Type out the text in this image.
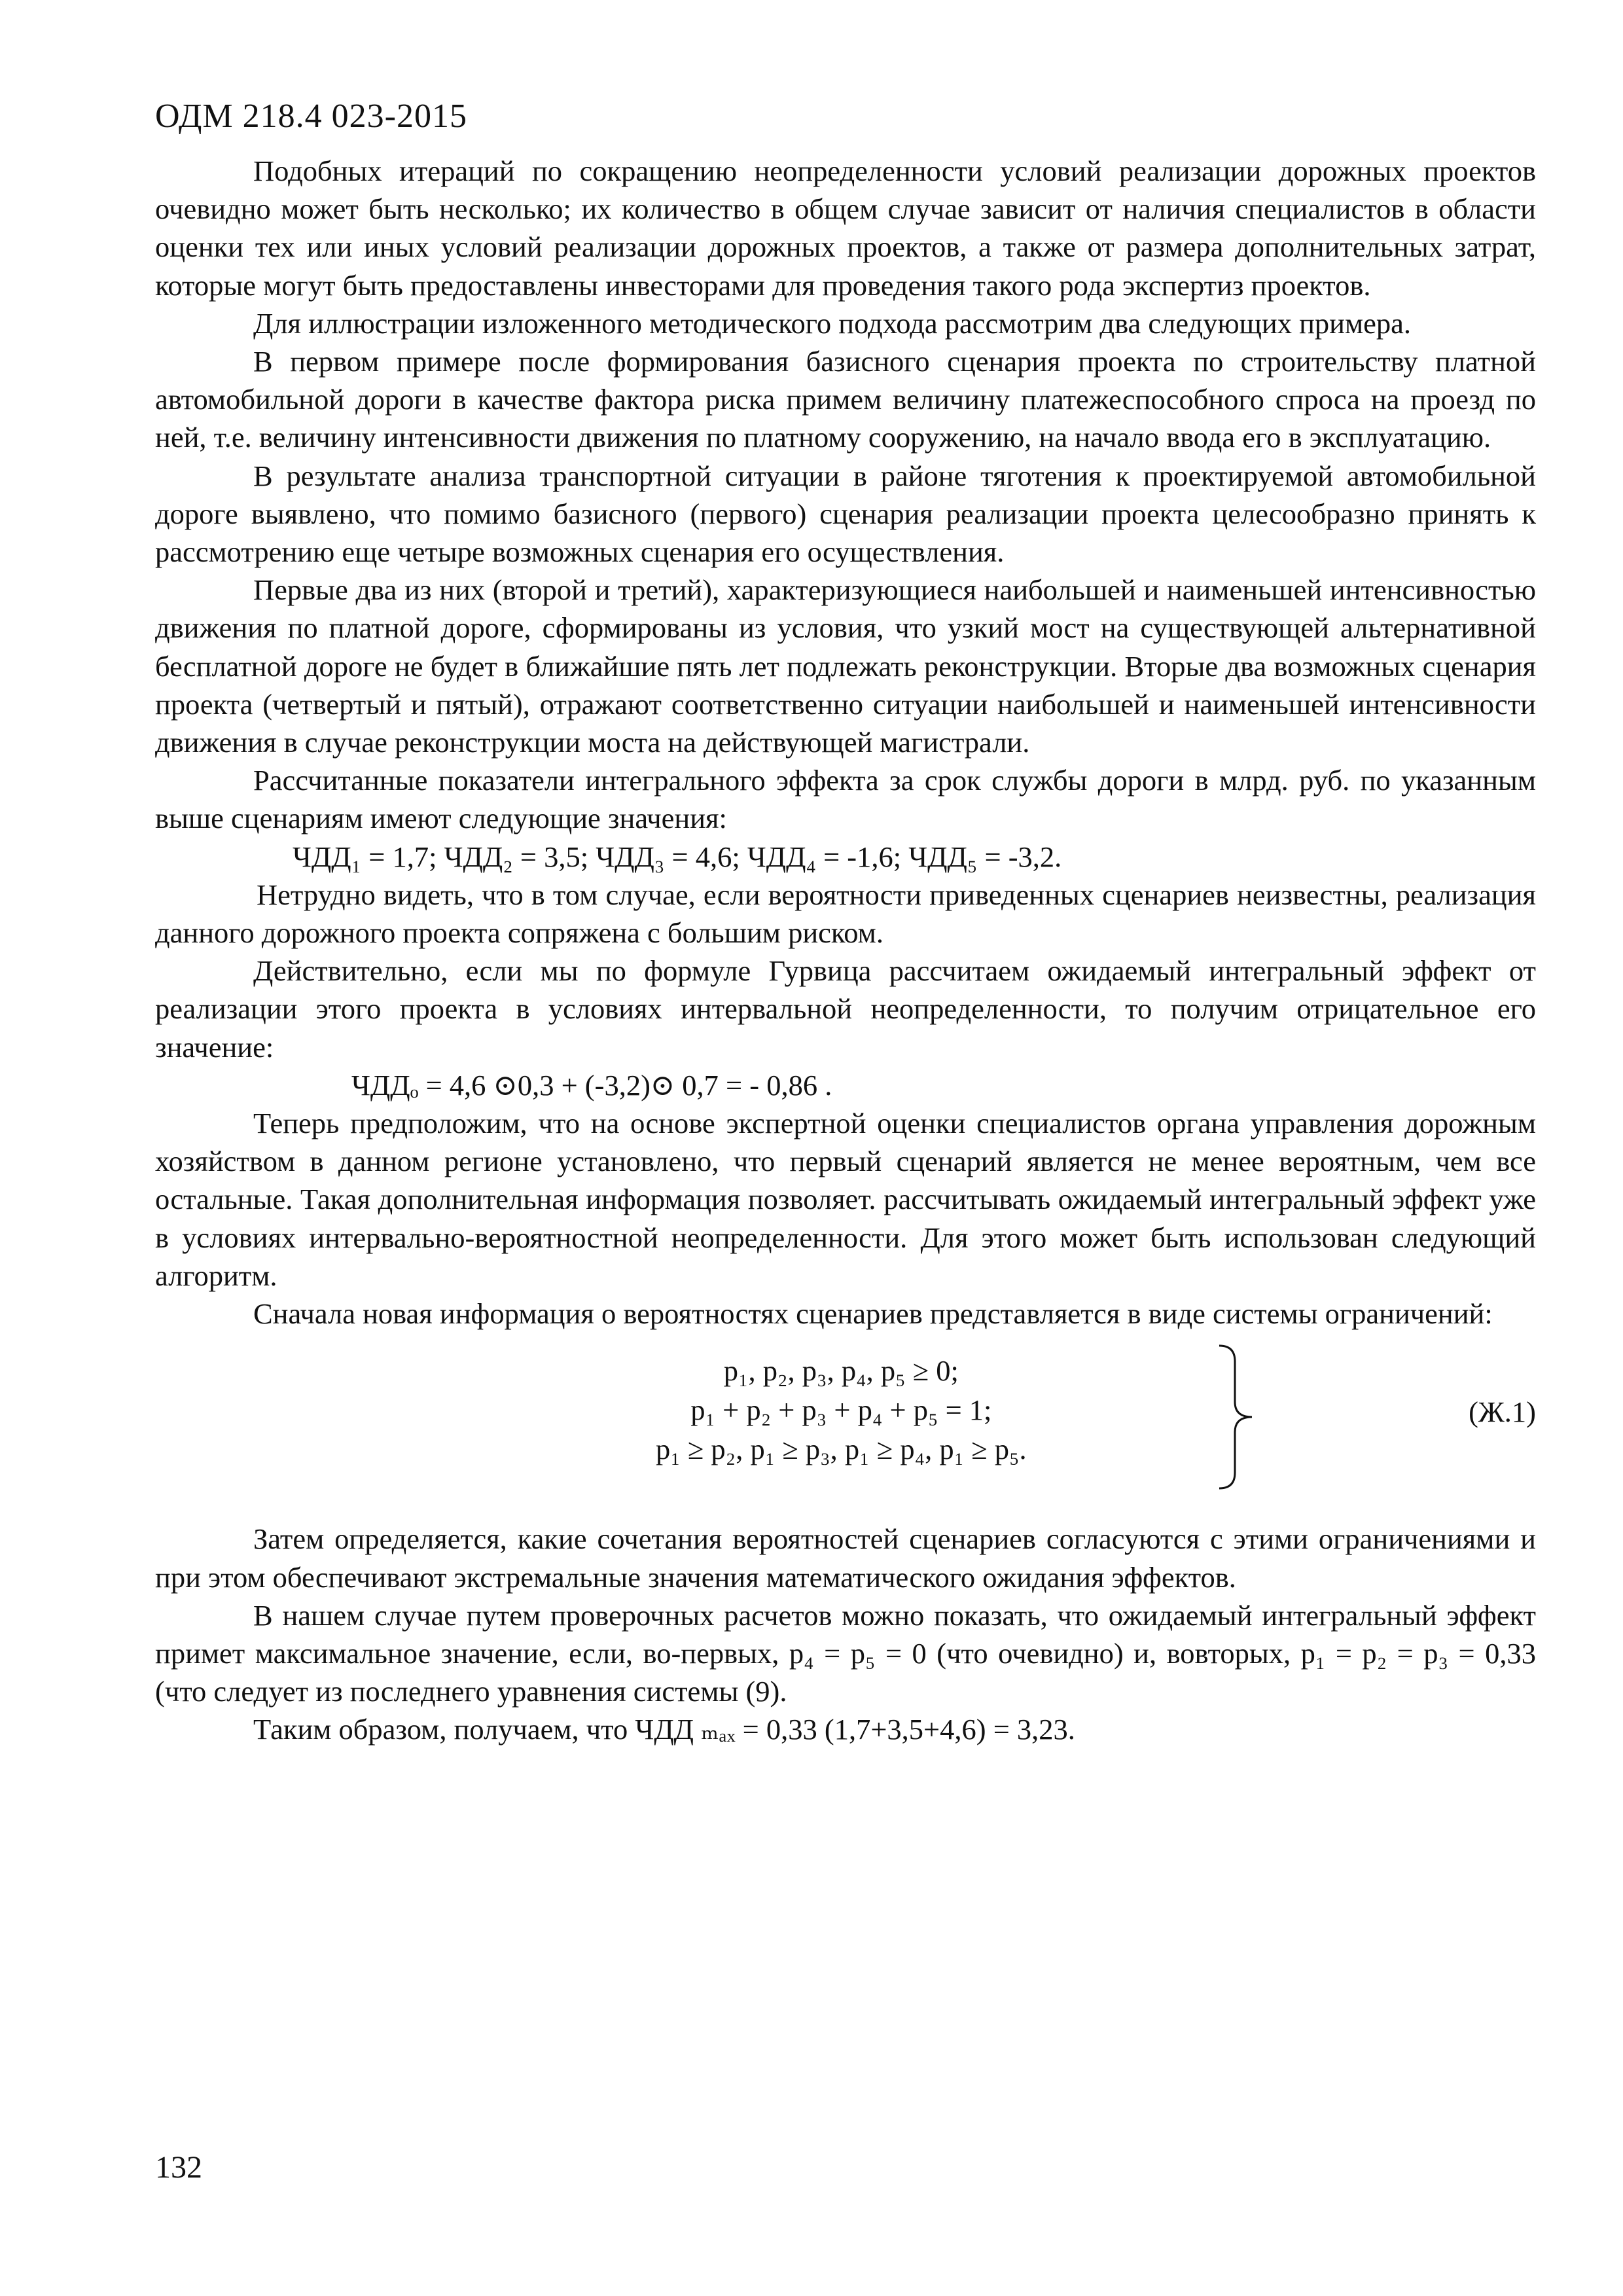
ОДМ 218.4 023-2015

Подобных итераций по сокращению неопределенности условий реализации дорожных проектов очевидно может быть несколько; их количество в общем случае зависит от наличия специалистов в области оценки тех или иных условий реализации дорожных проектов, а также от размера дополнительных затрат, которые могут быть предоставлены инвесторами для проведения такого рода экспертиз проектов.

Для иллюстрации изложенного методического подхода рассмотрим два следующих примера.

В первом примере после формирования базисного сценария проекта по строительству платной автомобильной дороги в качестве фактора риска примем величину платежеспособного спроса на проезд по ней, т.е. величину интенсивности движения по платному сооружению, на начало ввода его в эксплуатацию.

В результате анализа транспортной ситуации в районе тяготения к проектируемой автомобильной дороге выявлено, что помимо базисного (первого) сценария реализации проекта целесообразно принять к рассмотрению еще четыре возможных сценария его осуществления.

Первые два из них (второй и третий), характеризующиеся наибольшей и наименьшей интенсивностью движения по платной дороге, сформированы из условия, что узкий мост на существующей альтернативной бесплатной дороге не будет в ближайшие пять лет подлежать реконструкции. Вторые два возможных сценария проекта (четвертый и пятый), отражают соответственно ситуации наибольшей и наименьшей интенсивности движения в случае реконструкции моста на действующей магистрали.

Рассчитанные показатели интегрального эффекта за срок службы дороги в млрд. руб. по указанным выше сценариям имеют следующие значения:

ЧДД₁ = 1,7; ЧДД₂ = 3,5; ЧДД₃ = 4,6; ЧДД₄ = -1,6; ЧДД₅ = -3,2.

Нетрудно видеть, что в том случае, если вероятности приведенных сценариев неизвестны, реализация данного дорожного проекта сопряжена с большим риском.

Действительно, если мы по формуле Гурвица рассчитаем ожидаемый интегральный эффект от реализации этого проекта в условиях интервальной неопределенности, то получим отрицательное его значение:

ЧДДₒ = 4,6 ⊙0,3 + (-3,2)⊙ 0,7 = - 0,86 .

Теперь предположим, что на основе экспертной оценки специалистов органа управления дорожным хозяйством в данном регионе установлено, что первый сценарий является не менее вероятным, чем все остальные. Такая дополнительная информация позволяет. рассчитывать ожидаемый интегральный эффект уже в условиях интервально-вероятностной неопределенности. Для этого может быть использован следующий алгоритм.

Сначала новая информация о вероятностях сценариев представляется в виде системы ограничений:

p₁, p₂, p₃, p₄, p₅ ≥ 0;
p₁ + p₂ + p₃ + p₄ + p₅ = 1;
p₁ ≥ p₂, p₁ ≥ p₃, p₁ ≥ p₄, p₁ ≥ p₅.
(Ж.1)

Затем определяется, какие сочетания вероятностей сценариев согласуются с этими ограничениями и при этом обеспечивают экстремальные значения математического ожидания эффектов.

В нашем случае путем проверочных расчетов можно показать, что ожидаемый интегральный эффект примет максимальное значение, если, во-первых, p₄ = p₅ = 0 (что очевидно) и, вовторых, p₁ = p₂ = p₃ = 0,33 (что следует из последнего уравнения системы (9).

Таким образом, получаем, что ЧДД ₘₐₓ = 0,33 (1,7+3,5+4,6) = 3,23.

132
